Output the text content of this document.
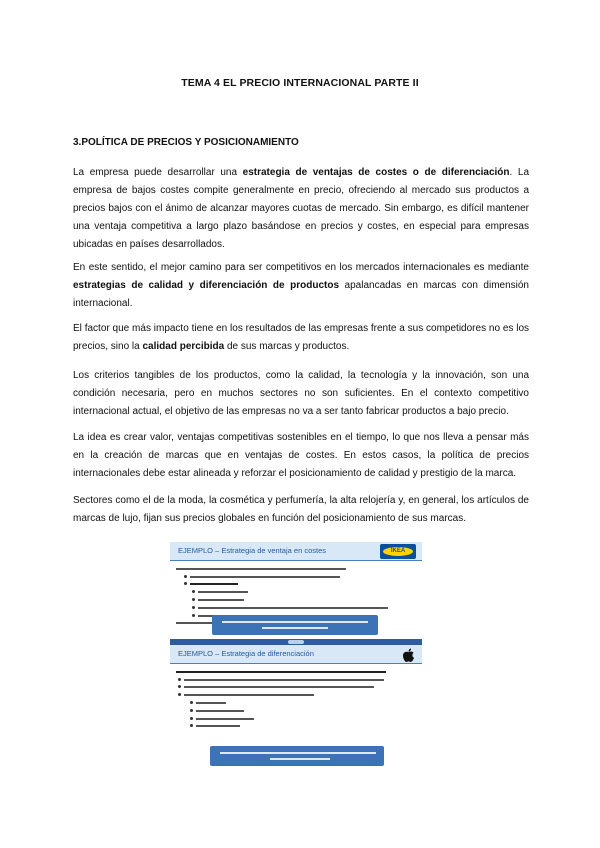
TEMA 4 EL PRECIO INTERNACIONAL PARTE II
3.POLÍTICA DE PRECIOS Y POSICIONAMIENTO
La empresa puede desarrollar una estrategia de ventajas de costes o de diferenciación. La empresa de bajos costes compite generalmente en precio, ofreciendo al mercado sus productos a precios bajos con el ánimo de alcanzar mayores cuotas de mercado. Sin embargo, es difícil mantener una ventaja competitiva a largo plazo basándose en precios y costes, en especial para empresas ubicadas en países desarrollados.
En este sentido, el mejor camino para ser competitivos en los mercados internacionales es mediante estrategias de calidad y diferenciación de productos apalancadas en marcas con dimensión internacional.
El factor que más impacto tiene en los resultados de las empresas frente a sus competidores no es los precios, sino la calidad percibida de sus marcas y productos.
Los criterios tangibles de los productos, como la calidad, la tecnología y la innovación, son una condición necesaria, pero en muchos sectores no son suficientes. En el contexto competitivo internacional actual, el objetivo de las empresas no va a ser tanto fabricar productos a bajo precio.
La idea es crear valor, ventajas competitivas sostenibles en el tiempo, lo que nos lleva a pensar más en la creación de marcas que en ventajas de costes. En estos casos, la política de precios internacionales debe estar alineada y reforzar el posicionamiento de calidad y prestigio de la marca.
Sectores como el de la moda, la cosmética y perfumería, la alta relojería y, en general, los artículos de marcas de lujo, fijan sus precios globales en función del posicionamiento de sus marcas.
EJEMPLO – Estrategia de ventaja en costes	IKEA
EJEMPLO – Estrategia de diferenciación
